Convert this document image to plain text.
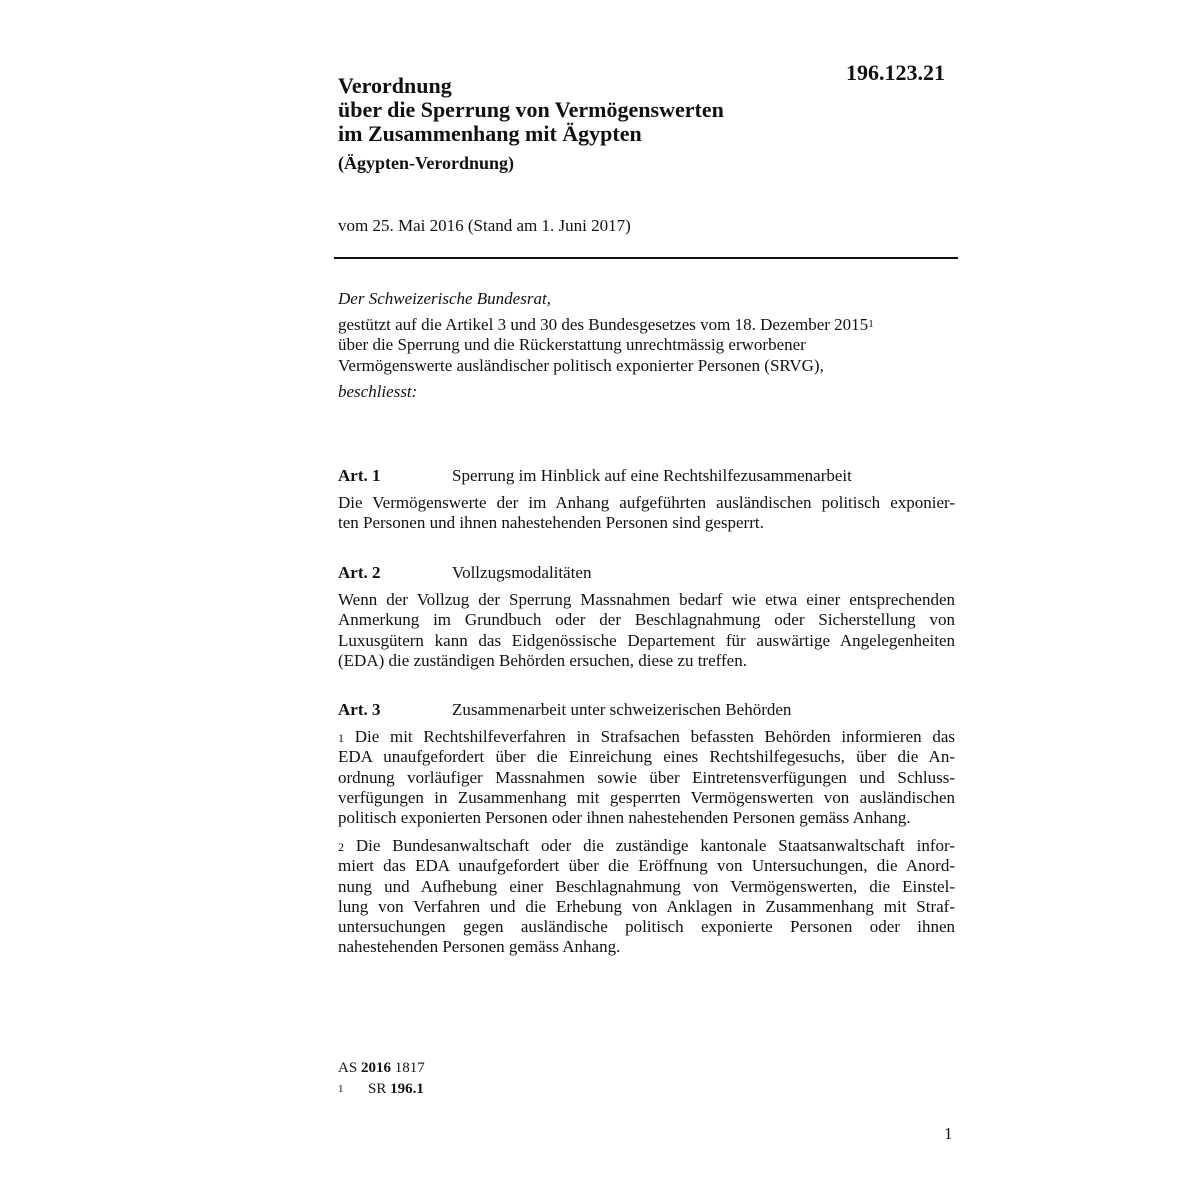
196.123.21
Verordnung
über die Sperrung von Vermögenswerten
im Zusammenhang mit Ägypten
(Ägypten-Verordnung)
vom 25. Mai 2016 (Stand am 1. Juni 2017)
Der Schweizerische Bundesrat,
gestützt auf die Artikel 3 und 30 des Bundesgesetzes vom 18. Dezember 2015$^1$
über die Sperrung und die Rückerstattung unrechtmässig erworbener
Vermögenswerte ausländischer politisch exponierter Personen (SRVG),
beschliesst:
Art. 1	Sperrung im Hinblick auf eine Rechtshilfezusammenarbeit
Die Vermögenswerte der im Anhang aufgeführten ausländischen politisch exponier-
ten Personen und ihnen nahestehenden Personen sind gesperrt.
Art. 2	Vollzugsmodalitäten
Wenn der Vollzug der Sperrung Massnahmen bedarf wie etwa einer entsprechenden
Anmerkung im Grundbuch oder der Beschlagnahmung oder Sicherstellung von
Luxusgütern kann das Eidgenössische Departement für auswärtige Angelegenheiten
(EDA) die zuständigen Behörden ersuchen, diese zu treffen.
Art. 3	Zusammenarbeit unter schweizerischen Behörden
$^1$ Die mit Rechtshilfeverfahren in Strafsachen befassten Behörden informieren das
EDA unaufgefordert über die Einreichung eines Rechtshilfegesuchs, über die An-
ordnung vorläufiger Massnahmen sowie über Eintretensverfügungen und Schluss-
verfügungen in Zusammenhang mit gesperrten Vermögenswerten von ausländischen
politisch exponierten Personen oder ihnen nahestehenden Personen gemäss Anhang.
$^2$ Die Bundesanwaltschaft oder die zuständige kantonale Staatsanwaltschaft infor-
miert das EDA unaufgefordert über die Eröffnung von Untersuchungen, die Anord-
nung und Aufhebung einer Beschlagnahmung von Vermögenswerten, die Einstel-
lung von Verfahren und die Erhebung von Anklagen in Zusammenhang mit Straf-
untersuchungen gegen ausländische politisch exponierte Personen oder ihnen
nahestehenden Personen gemäss Anhang.
AS 2016 1817
1 SR 196.1
1
